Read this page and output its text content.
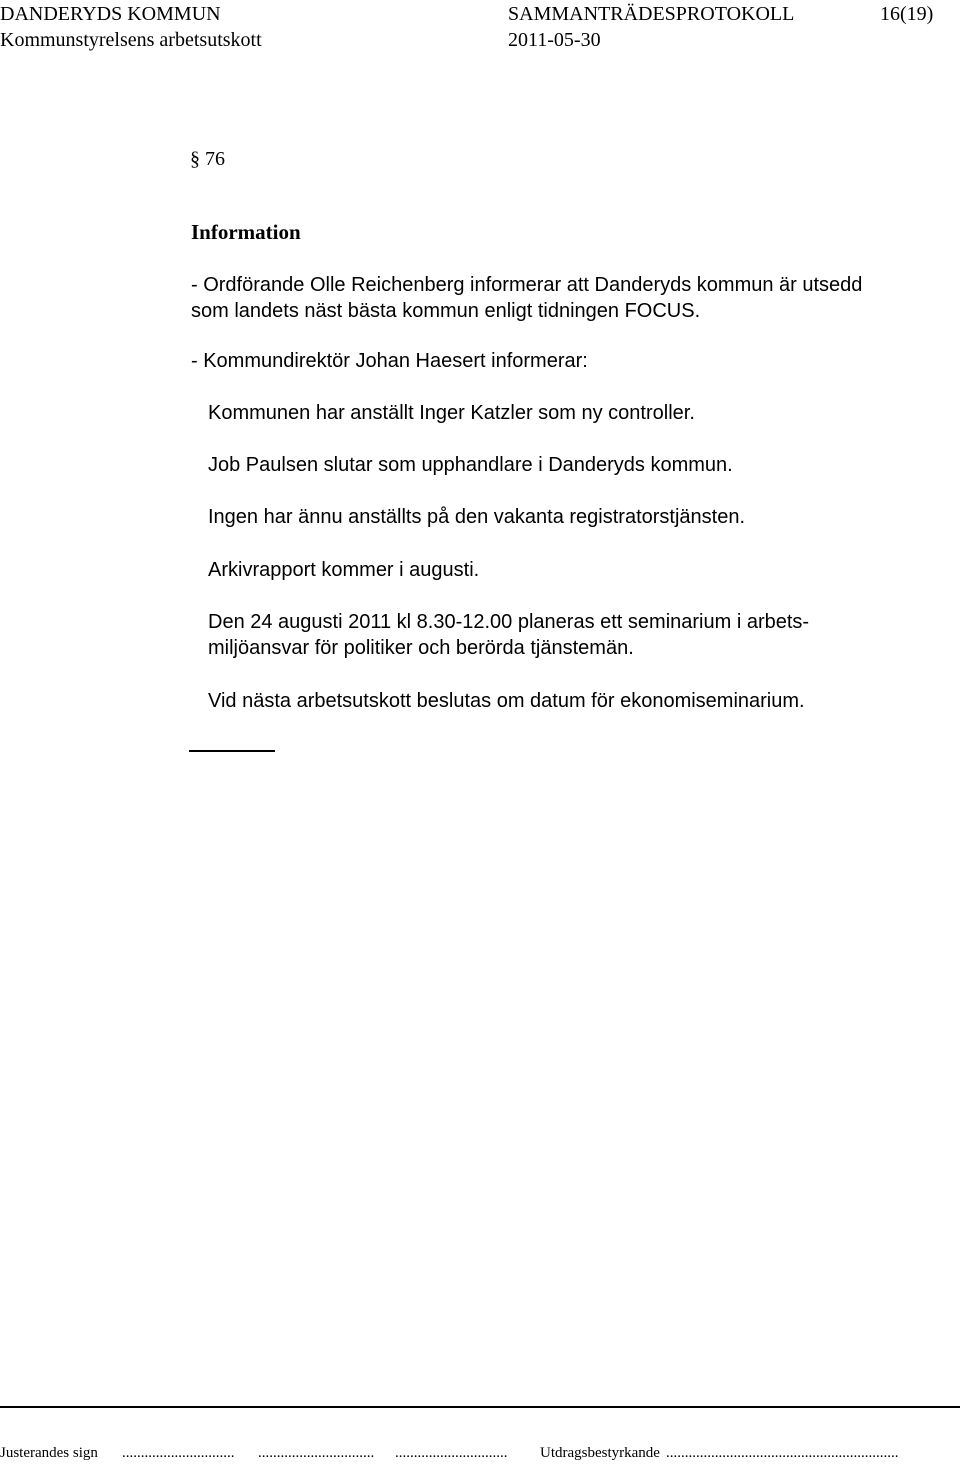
DANDERYDS KOMMUN	SAMMANTRÄDESPROTOKOLL	16(19)
Kommunstyrelsens arbetsutskott	2011-05-30
§ 76
Information
- Ordförande Olle Reichenberg informerar att Danderyds kommun är utsedd
som landets näst bästa kommun enligt tidningen FOCUS.
- Kommundirektör Johan Haesert informerar:
Kommunen har anställt Inger Katzler som ny controller.
Job Paulsen slutar som upphandlare i Danderyds kommun.
Ingen har ännu anställts på den vakanta registratorstjänsten.
Arkivrapport kommer i augusti.
Den 24 augusti 2011 kl 8.30-12.00 planeras ett seminarium i arbets-
miljöansvar för politiker och berörda tjänstemän.
Vid nästa arbetsutskott beslutas om datum för ekonomiseminarium.
Justerandes sign .............................. ............................... .............................. Utdragsbestyrkande ..............................................................
